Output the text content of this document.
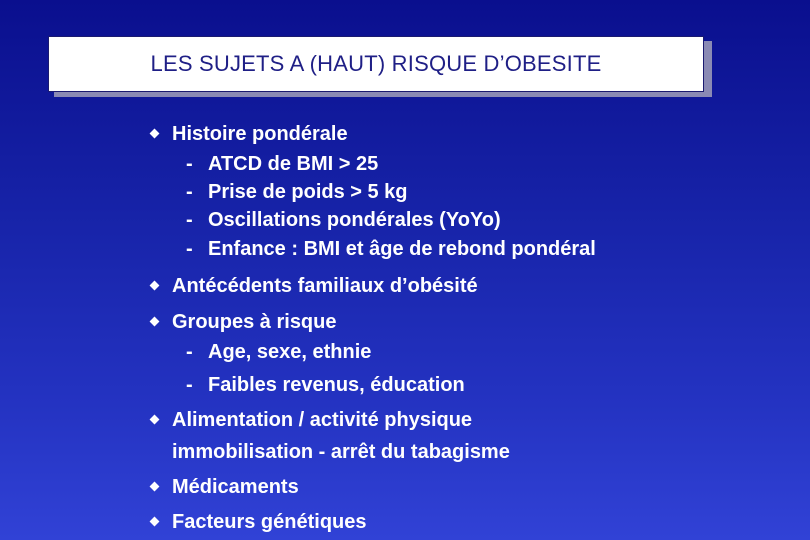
LES SUJETS A (HAUT) RISQUE D’OBESITE
Histoire pondérale
- ATCD de BMI > 25
- Prise de poids > 5 kg
- Oscillations pondérales (YoYo)
- Enfance : BMI et âge de rebond pondéral
Antécédents familiaux d’obésité
Groupes à risque
- Age, sexe, ethnie
- Faibles revenus, éducation
Alimentation / activité physique
immobilisation - arrêt du tabagisme
Médicaments
Facteurs génétiques
